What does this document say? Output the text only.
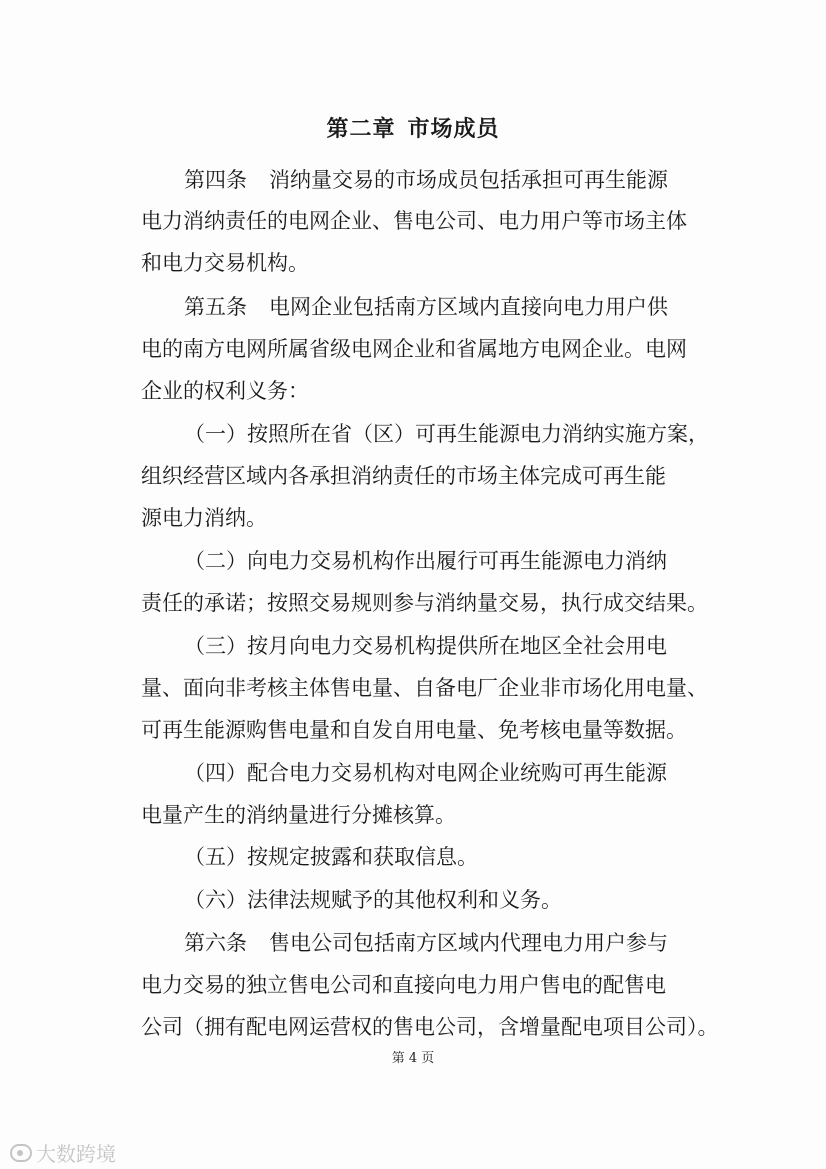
第二章 市场成员
第四条 消纳量交易的市场成员包括承担可再生能源
电力消纳责任的电网企业、售电公司、电力用户等市场主体
和电力交易机构。
第五条 电网企业包括南方区域内直接向电力用户供
电的南方电网所属省级电网企业和省属地方电网企业。电网
企业的权利义务：
（一）按照所在省（区）可再生能源电力消纳实施方案，
组织经营区域内各承担消纳责任的市场主体完成可再生能
源电力消纳。
（二）向电力交易机构作出履行可再生能源电力消纳
责任的承诺；按照交易规则参与消纳量交易，执行成交结果。
（三）按月向电力交易机构提供所在地区全社会用电
量、面向非考核主体售电量、自备电厂企业非市场化用电量、
可再生能源购售电量和自发自用电量、免考核电量等数据。
（四）配合电力交易机构对电网企业统购可再生能源
电量产生的消纳量进行分摊核算。
（五）按规定披露和获取信息。
（六）法律法规赋予的其他权利和义务。
第六条 售电公司包括南方区域内代理电力用户参与
电力交易的独立售电公司和直接向电力用户售电的配售电
公司（拥有配电网运营权的售电公司，含增量配电项目公司）。
第 4 页
大数跨境
